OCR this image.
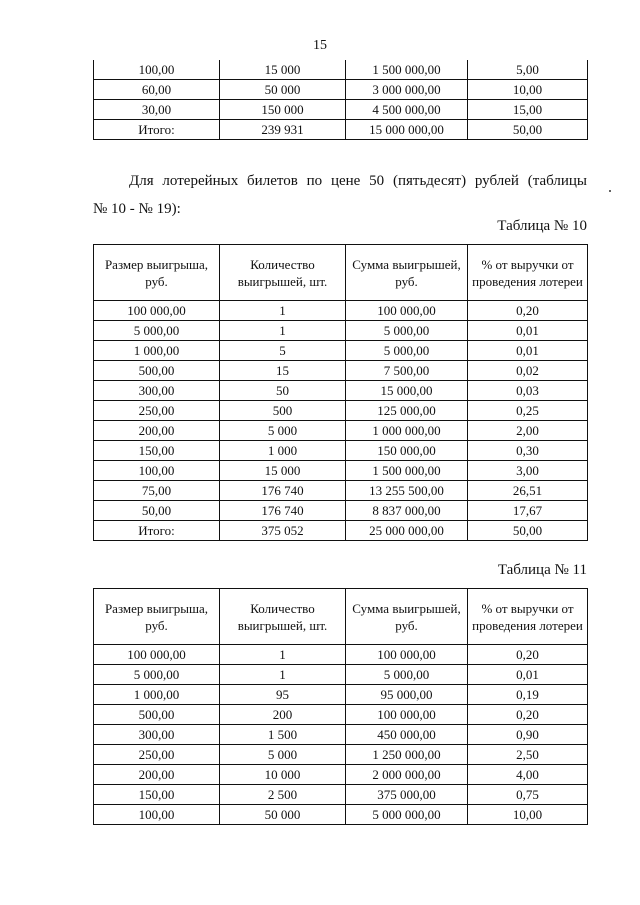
15
100,00	15 000	1 500 000,00	5,00
60,00	50 000	3 000 000,00	10,00
30,00	150 000	4 500 000,00	15,00
Итого:	239 931	15 000 000,00	50,00
Для лотерейных билетов по цене 50 (пятьдесят) рублей (таблицы
№ 10 - № 19):
Таблица № 10
Размер выигрыша, руб.	Количество выигрышей, шт.	Сумма выигрышей, руб.	% от выручки от проведения лотереи
100 000,00	1	100 000,00	0,20
5 000,00	1	5 000,00	0,01
1 000,00	5	5 000,00	0,01
500,00	15	7 500,00	0,02
300,00	50	15 000,00	0,03
250,00	500	125 000,00	0,25
200,00	5 000	1 000 000,00	2,00
150,00	1 000	150 000,00	0,30
100,00	15 000	1 500 000,00	3,00
75,00	176 740	13 255 500,00	26,51
50,00	176 740	8 837 000,00	17,67
Итого:	375 052	25 000 000,00	50,00
Таблица № 11
Размер выигрыша, руб.	Количество выигрышей, шт.	Сумма выигрышей, руб.	% от выручки от проведения лотереи
100 000,00	1	100 000,00	0,20
5 000,00	1	5 000,00	0,01
1 000,00	95	95 000,00	0,19
500,00	200	100 000,00	0,20
300,00	1 500	450 000,00	0,90
250,00	5 000	1 250 000,00	2,50
200,00	10 000	2 000 000,00	4,00
150,00	2 500	375 000,00	0,75
100,00	50 000	5 000 000,00	10,00
